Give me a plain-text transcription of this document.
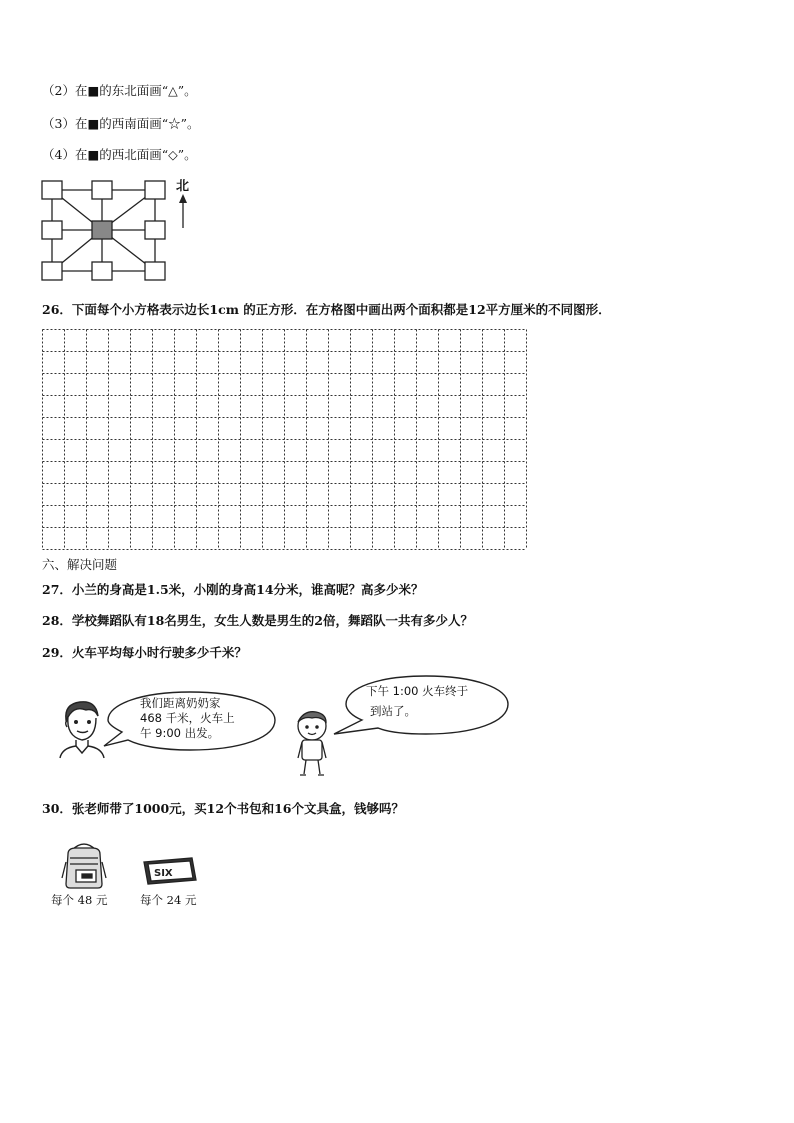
（2）在■的东北面画“△”。
（3）在■的西南面画“☆”。
（4）在■的西北面画“◇”。
北
26．下面每个小方格表示边长1cm 的正方形．在方格图中画出两个面积都是12平方厘米的不同图形．
六、解决问题
27．小兰的身高是1.5米，小刚的身高14分米，谁高呢？高多少米？
28．学校舞蹈队有18名男生，女生人数是男生的2倍，舞蹈队一共有多少人？
29．火车平均每小时行驶多少千米？
我们距离奶奶家
468 千米，火车上
午 9:00 出发。
下午 1:00 火车终于
到站了。
30．张老师带了1000元，买12个书包和16个文具盒，钱够吗？
每个 48 元
SIX
每个 24 元
